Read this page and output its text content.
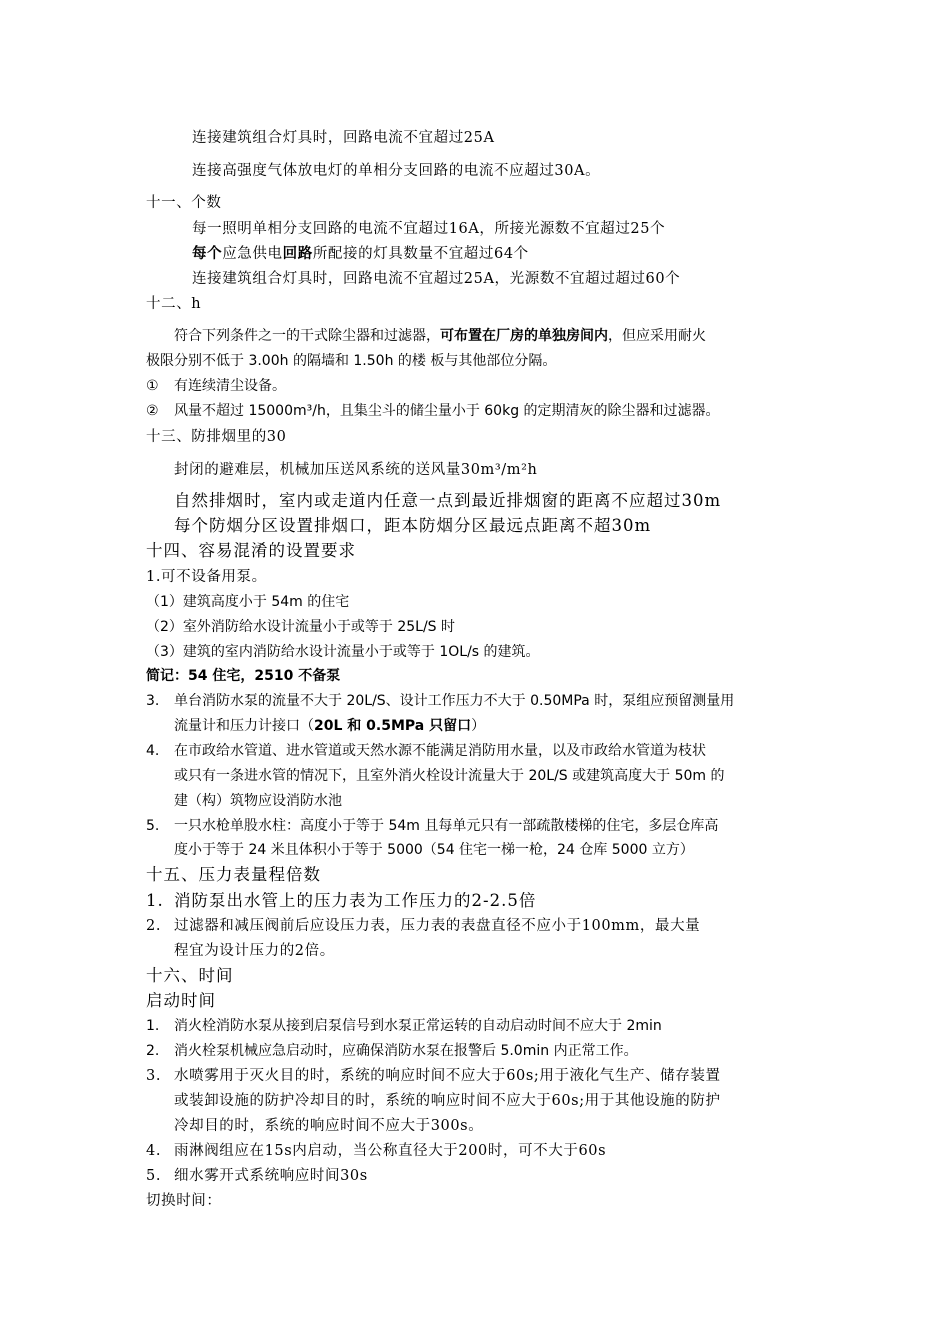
连接建筑组合灯具时，回路电流不宜超过25A
连接高强度气体放电灯的单相分支回路的电流不应超过30A。
十一、个数
每一照明单相分支回路的电流不宜超过16A，所接光源数不宜超过25个
每个应急供电回路所配接的灯具数量不宜超过64个
连接建筑组合灯具时，回路电流不宜超过25A，光源数不宜超过超过60个
十二、h
符合下列条件之一的干式除尘器和过滤器，可布置在厂房的单独房间内，但应采用耐火
极限分别不低于 3.00h 的隔墙和 1.50h 的楼 板与其他部位分隔。
① 有连续清尘设备。
② 风量不超过 15000m³/h，且集尘斗的储尘量小于 60kg 的定期清灰的除尘器和过滤器。
十三、防排烟里的30
封闭的避难层，机械加压送风系统的送风量30m³/m²h
自然排烟时，室内或走道内任意一点到最近排烟窗的距离不应超过30m
每个防烟分区设置排烟口，距本防烟分区最远点距离不超30m
十四、容易混淆的设置要求
1.可不设备用泵。
（1）建筑高度小于 54m 的住宅
（2）室外消防给水设计流量小于或等于 25L/S 时
（3）建筑的室内消防给水设计流量小于或等于 1OL/s 的建筑。
简记：54 住宅，2510 不备泵
3. 单台消防水泵的流量不大于 20L/S、设计工作压力不大于 0.50MPa 时，泵组应预留测量用
流量计和压力计接口（20L 和 0.5MPa 只留口）
4. 在市政给水管道、进水管道或天然水源不能满足消防用水量，以及市政给水管道为枝状
或只有一条进水管的情况下，且室外消火栓设计流量大于 20L/S 或建筑高度大于 50m 的
建（构）筑物应设消防水池
5. 一只水枪单股水柱：高度小于等于 54m 且每单元只有一部疏散楼梯的住宅，多层仓库高
度小于等于 24 米且体积小于等于 5000（54 住宅一梯一枪，24 仓库 5000 立方）
十五、压力表量程倍数
1. 消防泵出水管上的压力表为工作压力的2-2.5倍
2. 过滤器和减压阀前后应设压力表，压力表的表盘直径不应小于100mm，最大量
程宜为设计压力的2倍。
十六、时间
启动时间
1. 消火栓消防水泵从接到启泵信号到水泵正常运转的自动启动时间不应大于 2min
2. 消火栓泵机械应急启动时，应确保消防水泵在报警后 5.0min 内正常工作。
3. 水喷雾用于灭火目的时，系统的响应时间不应大于60s;用于液化气生产、储存装置
或装卸设施的防护冷却目的时，系统的响应时间不应大于60s;用于其他设施的防护
冷却目的时，系统的响应时间不应大于300s。
4. 雨淋阀组应在15s内启动，当公称直径大于200时，可不大于60s
5. 细水雾开式系统响应时间30s
切换时间：
